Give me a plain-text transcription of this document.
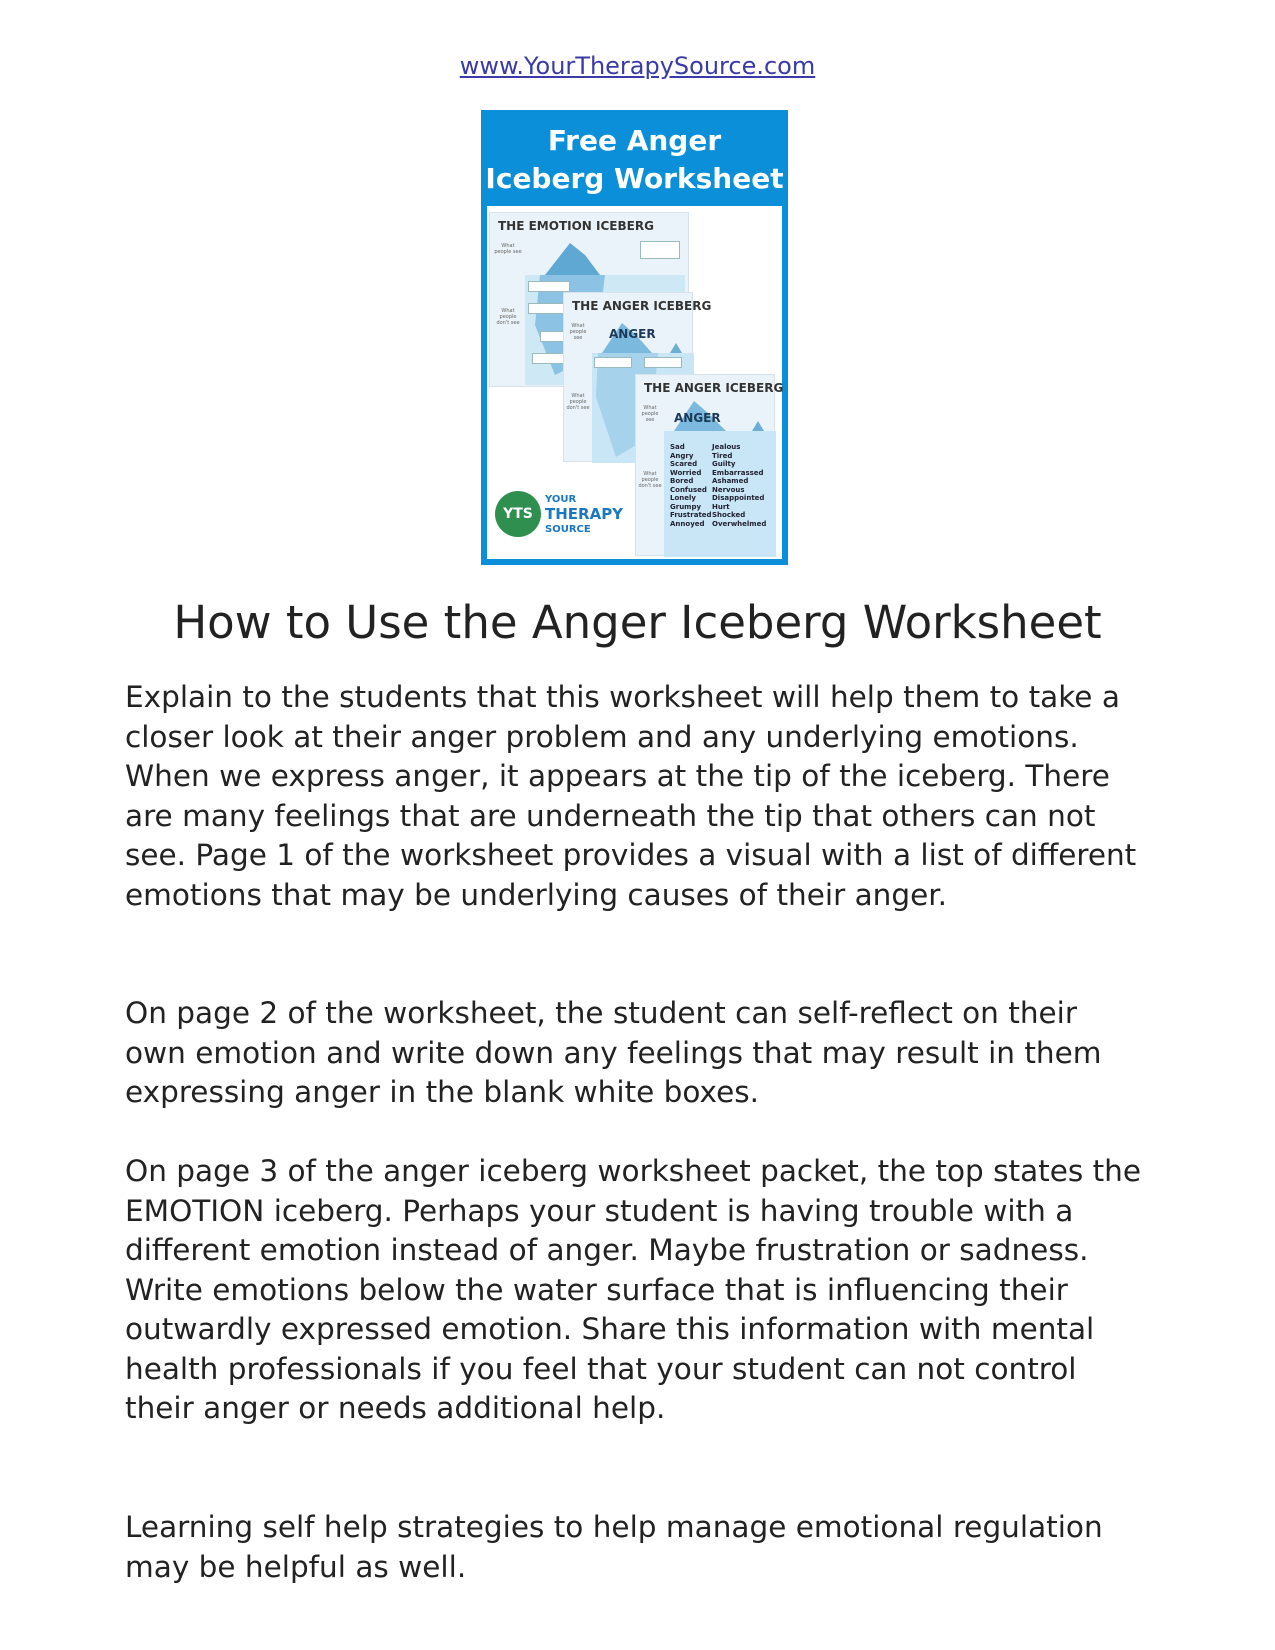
www.YourTherapySource.com
Free Anger
Iceberg Worksheet
THE EMOTION ICEBERG
What people see
What people don't see
THE ANGER ICEBERG
What people see
What people don't see
ANGER
THE ANGER ICEBERG
What people see
What people don't see
ANGER
Sad
Angry
Scared
Worried
Bored
Confused
Lonely
Grumpy
Frustrated
Annoyed
Jealous
Tired
Guilty
Embarrassed
Ashamed
Nervous
Disappointed
Hurt
Shocked
Overwhelmed
YTS
YOUR
THERAPY
SOURCE
How to Use the Anger Iceberg Worksheet

Explain to the students that this worksheet will help them to take a closer look at their anger problem and any underlying emotions. When we express anger, it appears at the tip of the iceberg. There are many feelings that are underneath the tip that others can not see. Page 1 of the worksheet provides a visual with a list of different emotions that may be underlying causes of their anger.

On page 2 of the worksheet, the student can self-reflect on their own emotion and write down any feelings that may result in them expressing anger in the blank white boxes.

On page 3 of the anger iceberg worksheet packet, the top states the EMOTION iceberg. Perhaps your student is having trouble with a different emotion instead of anger. Maybe frustration or sadness. Write emotions below the water surface that is influencing their outwardly expressed emotion. Share this information with mental health professionals if you feel that your student can not control their anger or needs additional help.

Learning self help strategies to help manage emotional regulation may be helpful as well.
